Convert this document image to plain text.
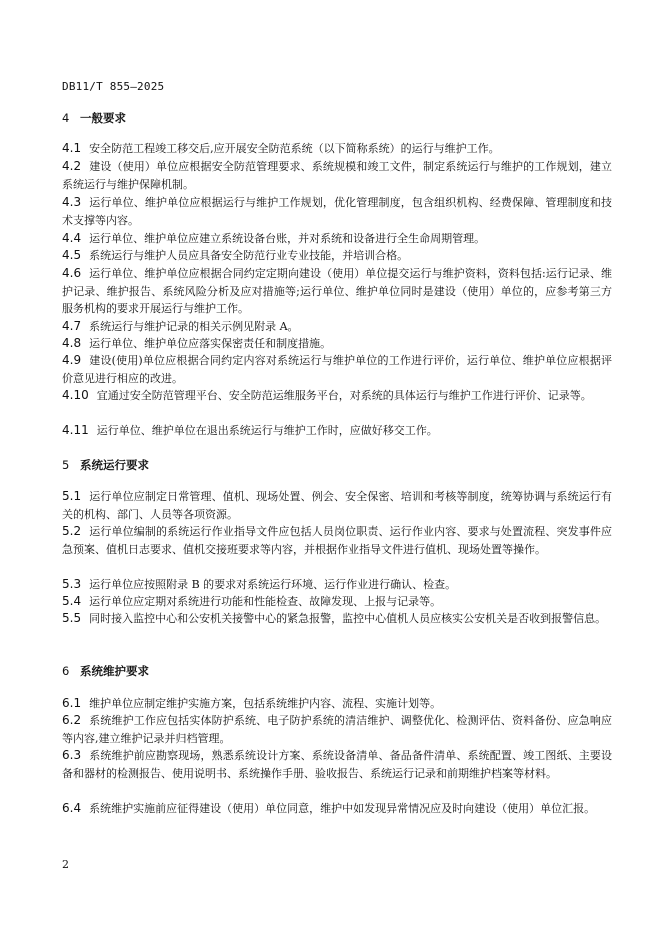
DB11/T 855—2025
4 一般要求
4.1 安全防范工程竣工移交后,应开展安全防范系统（以下简称系统）的运行与维护工作。
4.2 建设（使用）单位应根据安全防范管理要求、系统规模和竣工文件，制定系统运行与维护的工作规划，建立系统运行与维护保障机制。
4.3 运行单位、维护单位应根据运行与维护工作规划，优化管理制度，包含组织机构、经费保障、管理制度和技术支撑等内容。
4.4 运行单位、维护单位应建立系统设备台账，并对系统和设备进行全生命周期管理。
4.5 系统运行与维护人员应具备安全防范行业专业技能，并培训合格。
4.6 运行单位、维护单位应根据合同约定定期向建设（使用）单位提交运行与维护资料，资料包括:运行记录、维护记录、维护报告、系统风险分析及应对措施等;运行单位、维护单位同时是建设（使用）单位的，应参考第三方服务机构的要求开展运行与维护工作。
4.7 系统运行与维护记录的相关示例见附录 A。
4.8 运行单位、维护单位应落实保密责任和制度措施。
4.9 建设(使用)单位应根据合同约定内容对系统运行与维护单位的工作进行评价，运行单位、维护单位应根据评价意见进行相应的改进。
4.10 宜通过安全防范管理平台、安全防范运维服务平台，对系统的具体运行与维护工作进行评价、记录等。
4.11 运行单位、维护单位在退出系统运行与维护工作时，应做好移交工作。
5 系统运行要求
5.1 运行单位应制定日常管理、值机、现场处置、例会、安全保密、培训和考核等制度，统筹协调与系统运行有关的机构、部门、人员等各项资源。
5.2 运行单位编制的系统运行作业指导文件应包括人员岗位职责、运行作业内容、要求与处置流程、突发事件应急预案、值机日志要求、值机交接班要求等内容，并根据作业指导文件进行值机、现场处置等操作。
5.3 运行单位应按照附录 B 的要求对系统运行环境、运行作业进行确认、检查。
5.4 运行单位应定期对系统进行功能和性能检查、故障发现、上报与记录等。
5.5 同时接入监控中心和公安机关接警中心的紧急报警，监控中心值机人员应核实公安机关是否收到报警信息。
6 系统维护要求
6.1 维护单位应制定维护实施方案，包括系统维护内容、流程、实施计划等。
6.2 系统维护工作应包括实体防护系统、电子防护系统的清洁维护、调整优化、检测评估、资料备份、应急响应等内容,建立维护记录并归档管理。
6.3 系统维护前应勘察现场，熟悉系统设计方案、系统设备清单、备品备件清单、系统配置、竣工图纸、主要设备和器材的检测报告、使用说明书、系统操作手册、验收报告、系统运行记录和前期维护档案等材料。
6.4 系统维护实施前应征得建设（使用）单位同意，维护中如发现异常情况应及时向建设（使用）单位汇报。
2
